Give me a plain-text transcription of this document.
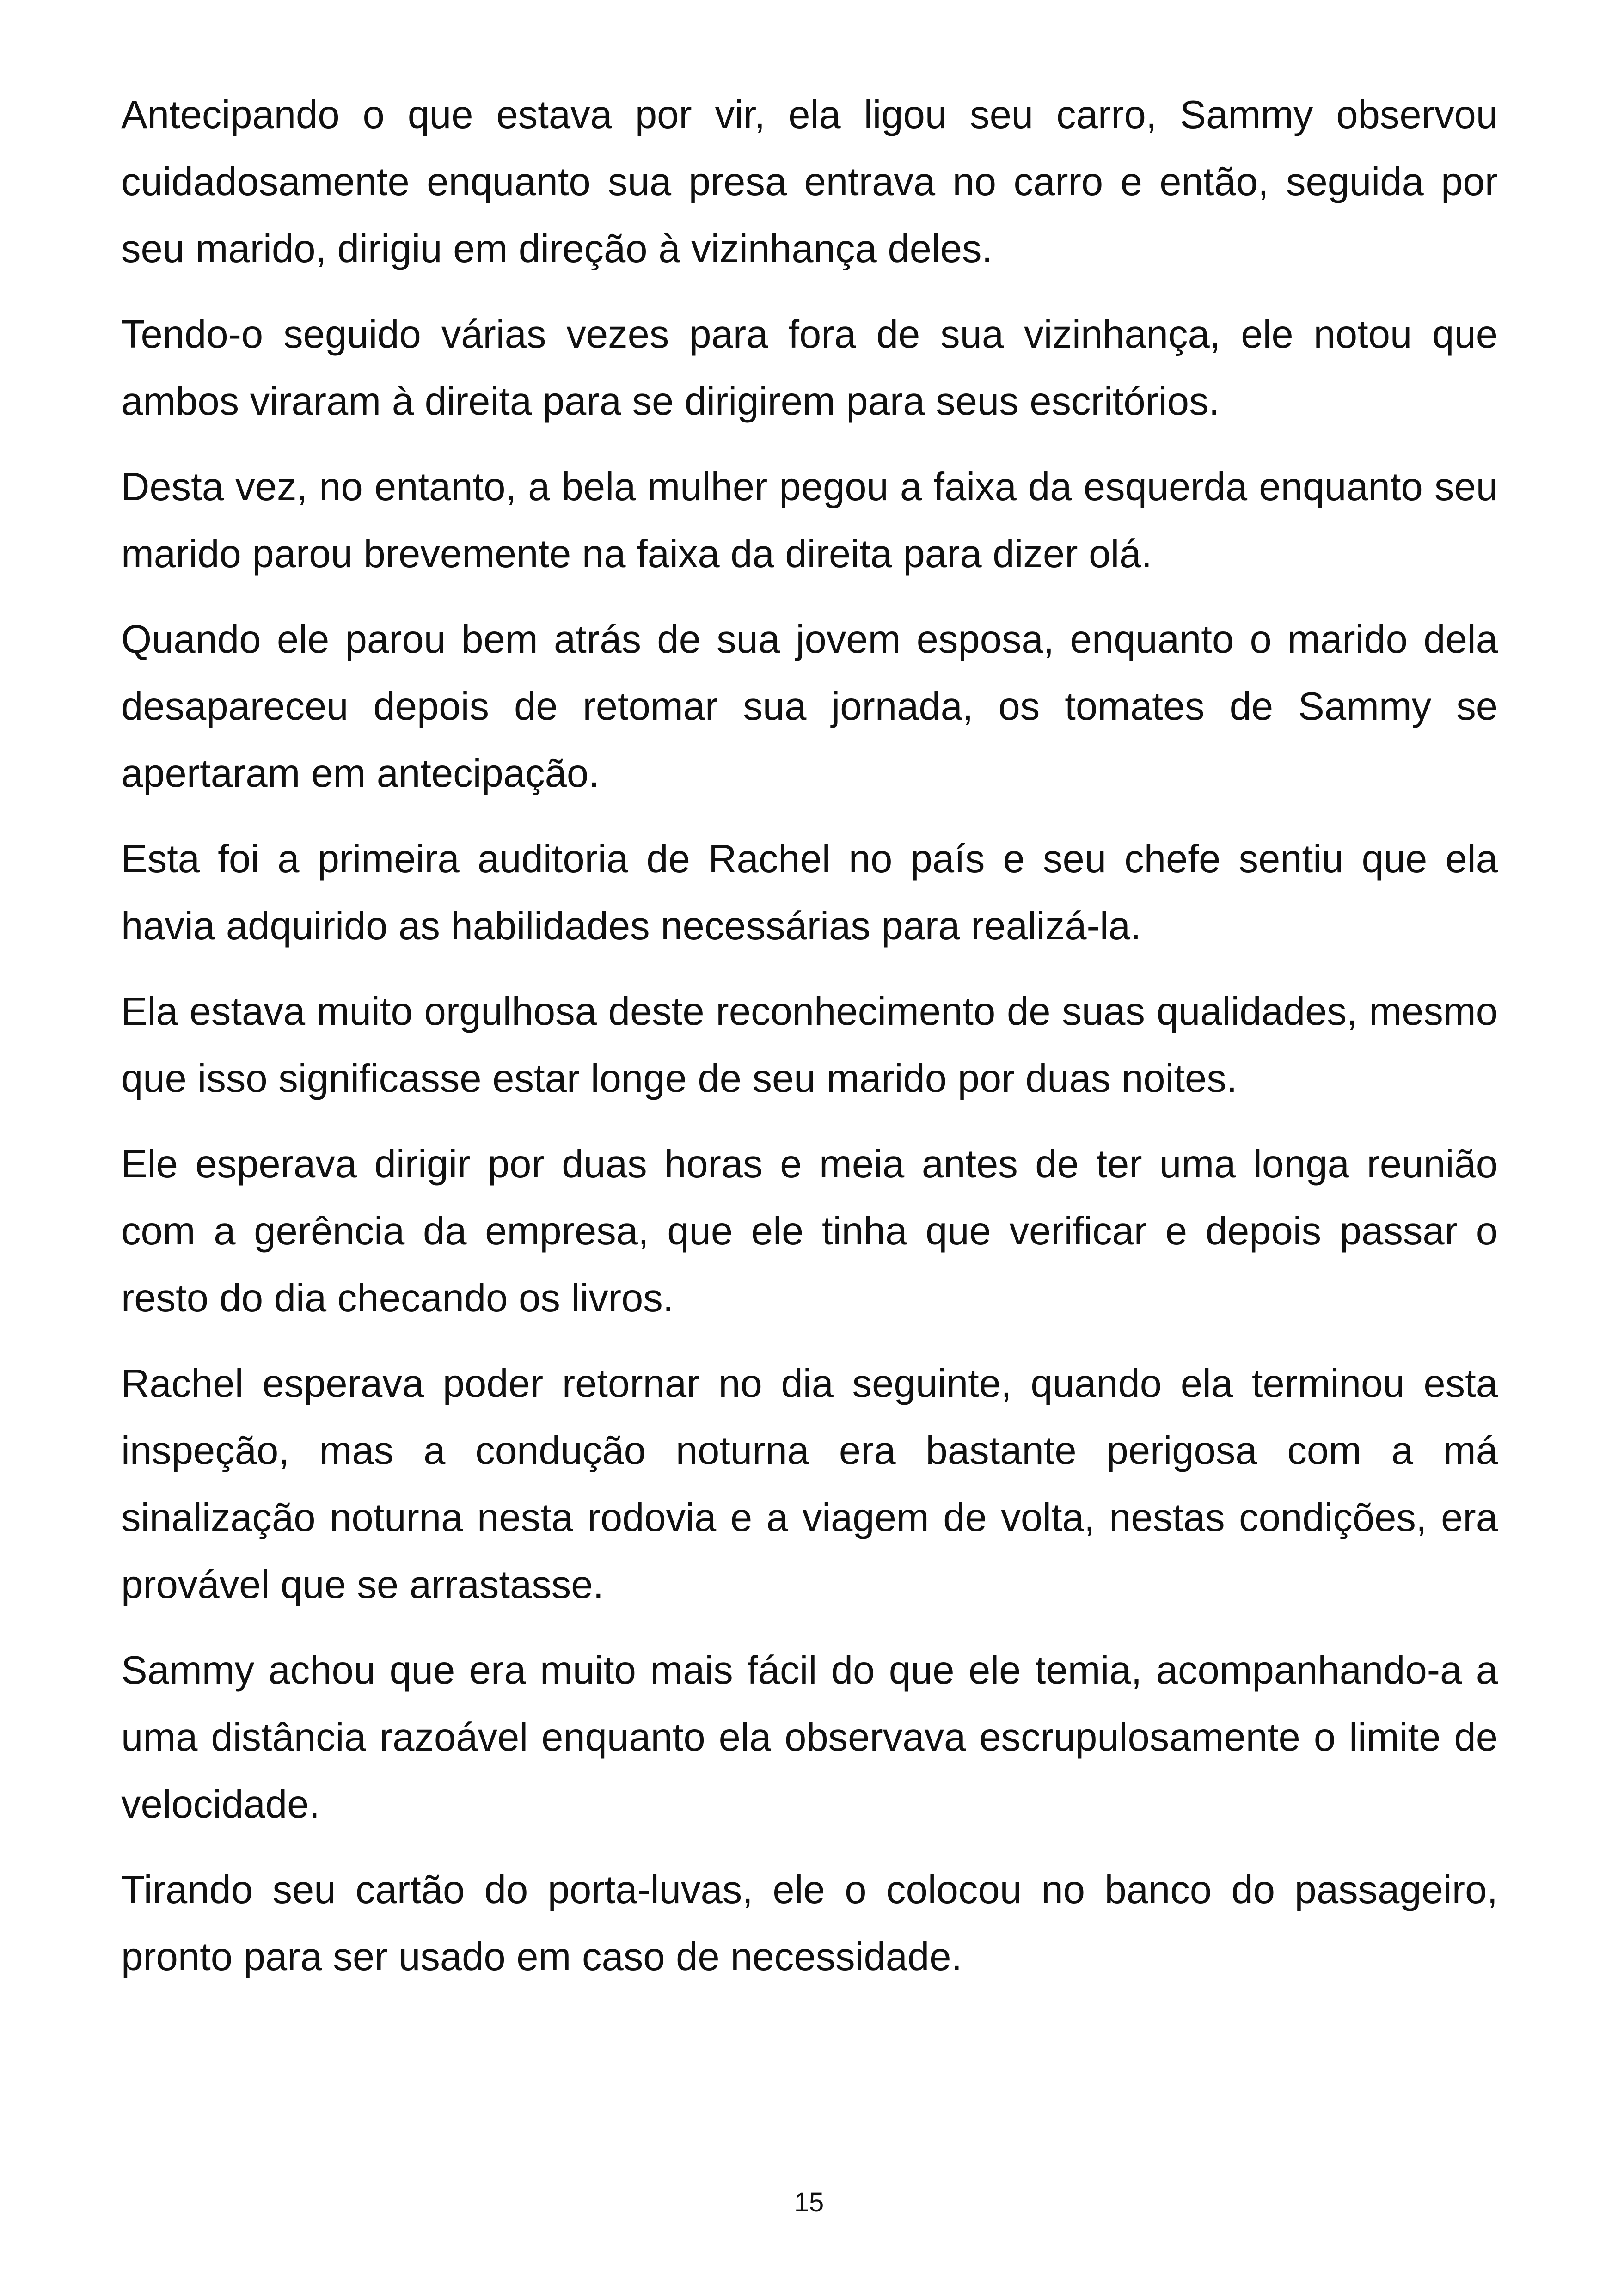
Antecipando o que estava por vir, ela ligou seu carro, Sammy observou cuidadosamente enquanto sua presa entrava no carro e então, seguida por seu marido, dirigiu em direção à vizinhança deles.

Tendo-o seguido várias vezes para fora de sua vizinhança, ele notou que ambos viraram à direita para se dirigirem para seus escritórios.

Desta vez, no entanto, a bela mulher pegou a faixa da esquerda enquanto seu marido parou brevemente na faixa da direita para dizer olá.

Quando ele parou bem atrás de sua jovem esposa, enquanto o marido dela desapareceu depois de retomar sua jornada, os tomates de Sammy se apertaram em antecipação.

Esta foi a primeira auditoria de Rachel no país e seu chefe sentiu que ela havia adquirido as habilidades necessárias para realizá-la.

Ela estava muito orgulhosa deste reconhecimento de suas qualidades, mesmo que isso significasse estar longe de seu marido por duas noites.

Ele esperava dirigir por duas horas e meia antes de ter uma longa reunião com a gerência da empresa, que ele tinha que verificar e depois passar o resto do dia checando os livros.

Rachel esperava poder retornar no dia seguinte, quando ela terminou esta inspeção, mas a condução noturna era bastante perigosa com a má sinalização noturna nesta rodovia e a viagem de volta, nestas condições, era provável que se arrastasse.

Sammy achou que era muito mais fácil do que ele temia, acompanhando-a a uma distância razoável enquanto ela observava escrupulosamente o limite de velocidade.

Tirando seu cartão do porta-luvas, ele o colocou no banco do passageiro, pronto para ser usado em caso de necessidade.

15
